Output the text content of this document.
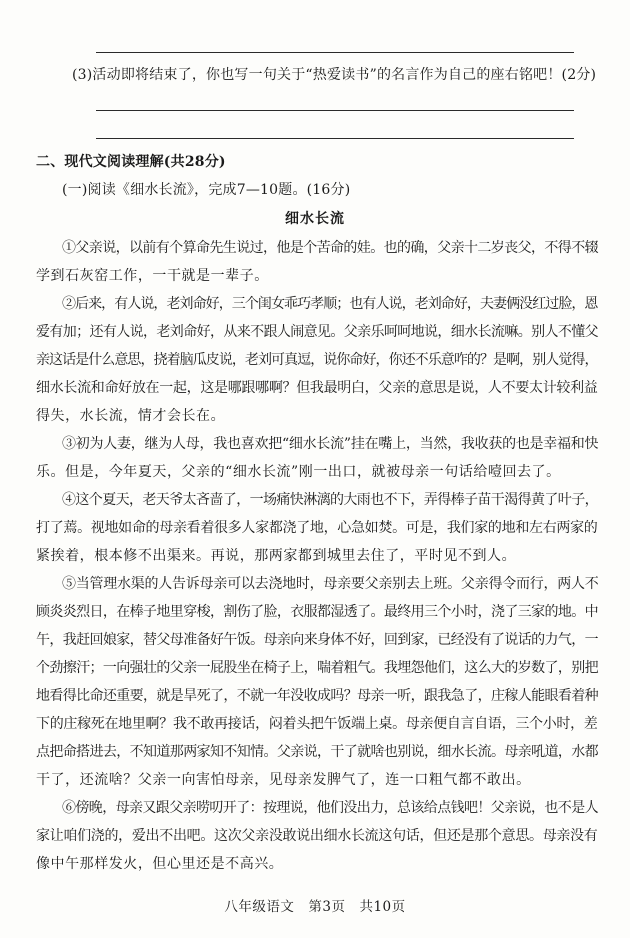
(3)活动即将结束了，你也写一句关于“热爱读书”的名言作为自己的座右铭吧！(2分)
二、现代文阅读理解(共28分)
(一)阅读《细水长流》，完成7—10题。(16分)
细水长流
①父亲说，以前有个算命先生说过，他是个苦命的娃。也的确，父亲十二岁丧父，不得不辍
学到石灰窑工作，一干就是一辈子。
②后来，有人说，老刘命好，三个闺女乖巧孝顺；也有人说，老刘命好，夫妻俩没红过脸，恩
爱有加；还有人说，老刘命好，从来不跟人闹意见。父亲乐呵呵地说，细水长流嘛。别人不懂父
亲这话是什么意思，挠着脑瓜皮说，老刘可真逗，说你命好，你还不乐意咋的？是啊，别人觉得，
细水长流和命好放在一起，这是哪跟哪啊？但我最明白，父亲的意思是说，人不要太计较利益
得失，水长流，情才会长在。
③初为人妻，继为人母，我也喜欢把“细水长流”挂在嘴上，当然，我收获的也是幸福和快
乐。但是，今年夏天，父亲的“细水长流”刚一出口，就被母亲一句话给噎回去了。
④这个夏天，老天爷太吝啬了，一场痛快淋漓的大雨也不下，弄得棒子苗干渴得黄了叶子，
打了蔫。视地如命的母亲看着很多人家都浇了地，心急如焚。可是，我们家的地和左右两家的
紧挨着，根本修不出渠来。再说，那两家都到城里去住了，平时见不到人。
⑤当管理水渠的人告诉母亲可以去浇地时，母亲要父亲别去上班。父亲得令而行，两人不
顾炎炎烈日，在棒子地里穿梭，割伤了脸，衣服都湿透了。最终用三个小时，浇了三家的地。中
午，我赶回娘家，替父母准备好午饭。母亲向来身体不好，回到家，已经没有了说话的力气，一
个劲擦汗；一向强壮的父亲一屁股坐在椅子上，喘着粗气。我埋怨他们，这么大的岁数了，别把
地看得比命还重要，就是旱死了，不就一年没收成吗？母亲一听，跟我急了，庄稼人能眼看着种
下的庄稼死在地里啊？我不敢再接话，闷着头把午饭端上桌。母亲便自言自语，三个小时，差
点把命搭进去，不知道那两家知不知情。父亲说，干了就啥也别说，细水长流。母亲吼道，水都
干了，还流啥？父亲一向害怕母亲，见母亲发脾气了，连一口粗气都不敢出。
⑥傍晚，母亲又跟父亲唠叨开了：按理说，他们没出力，总该给点钱吧！父亲说，也不是人
家让咱们浇的，爱出不出吧。这次父亲没敢说出细水长流这句话，但还是那个意思。母亲没有
像中午那样发火，但心里还是不高兴。
八年级语文　第3页　共10页
